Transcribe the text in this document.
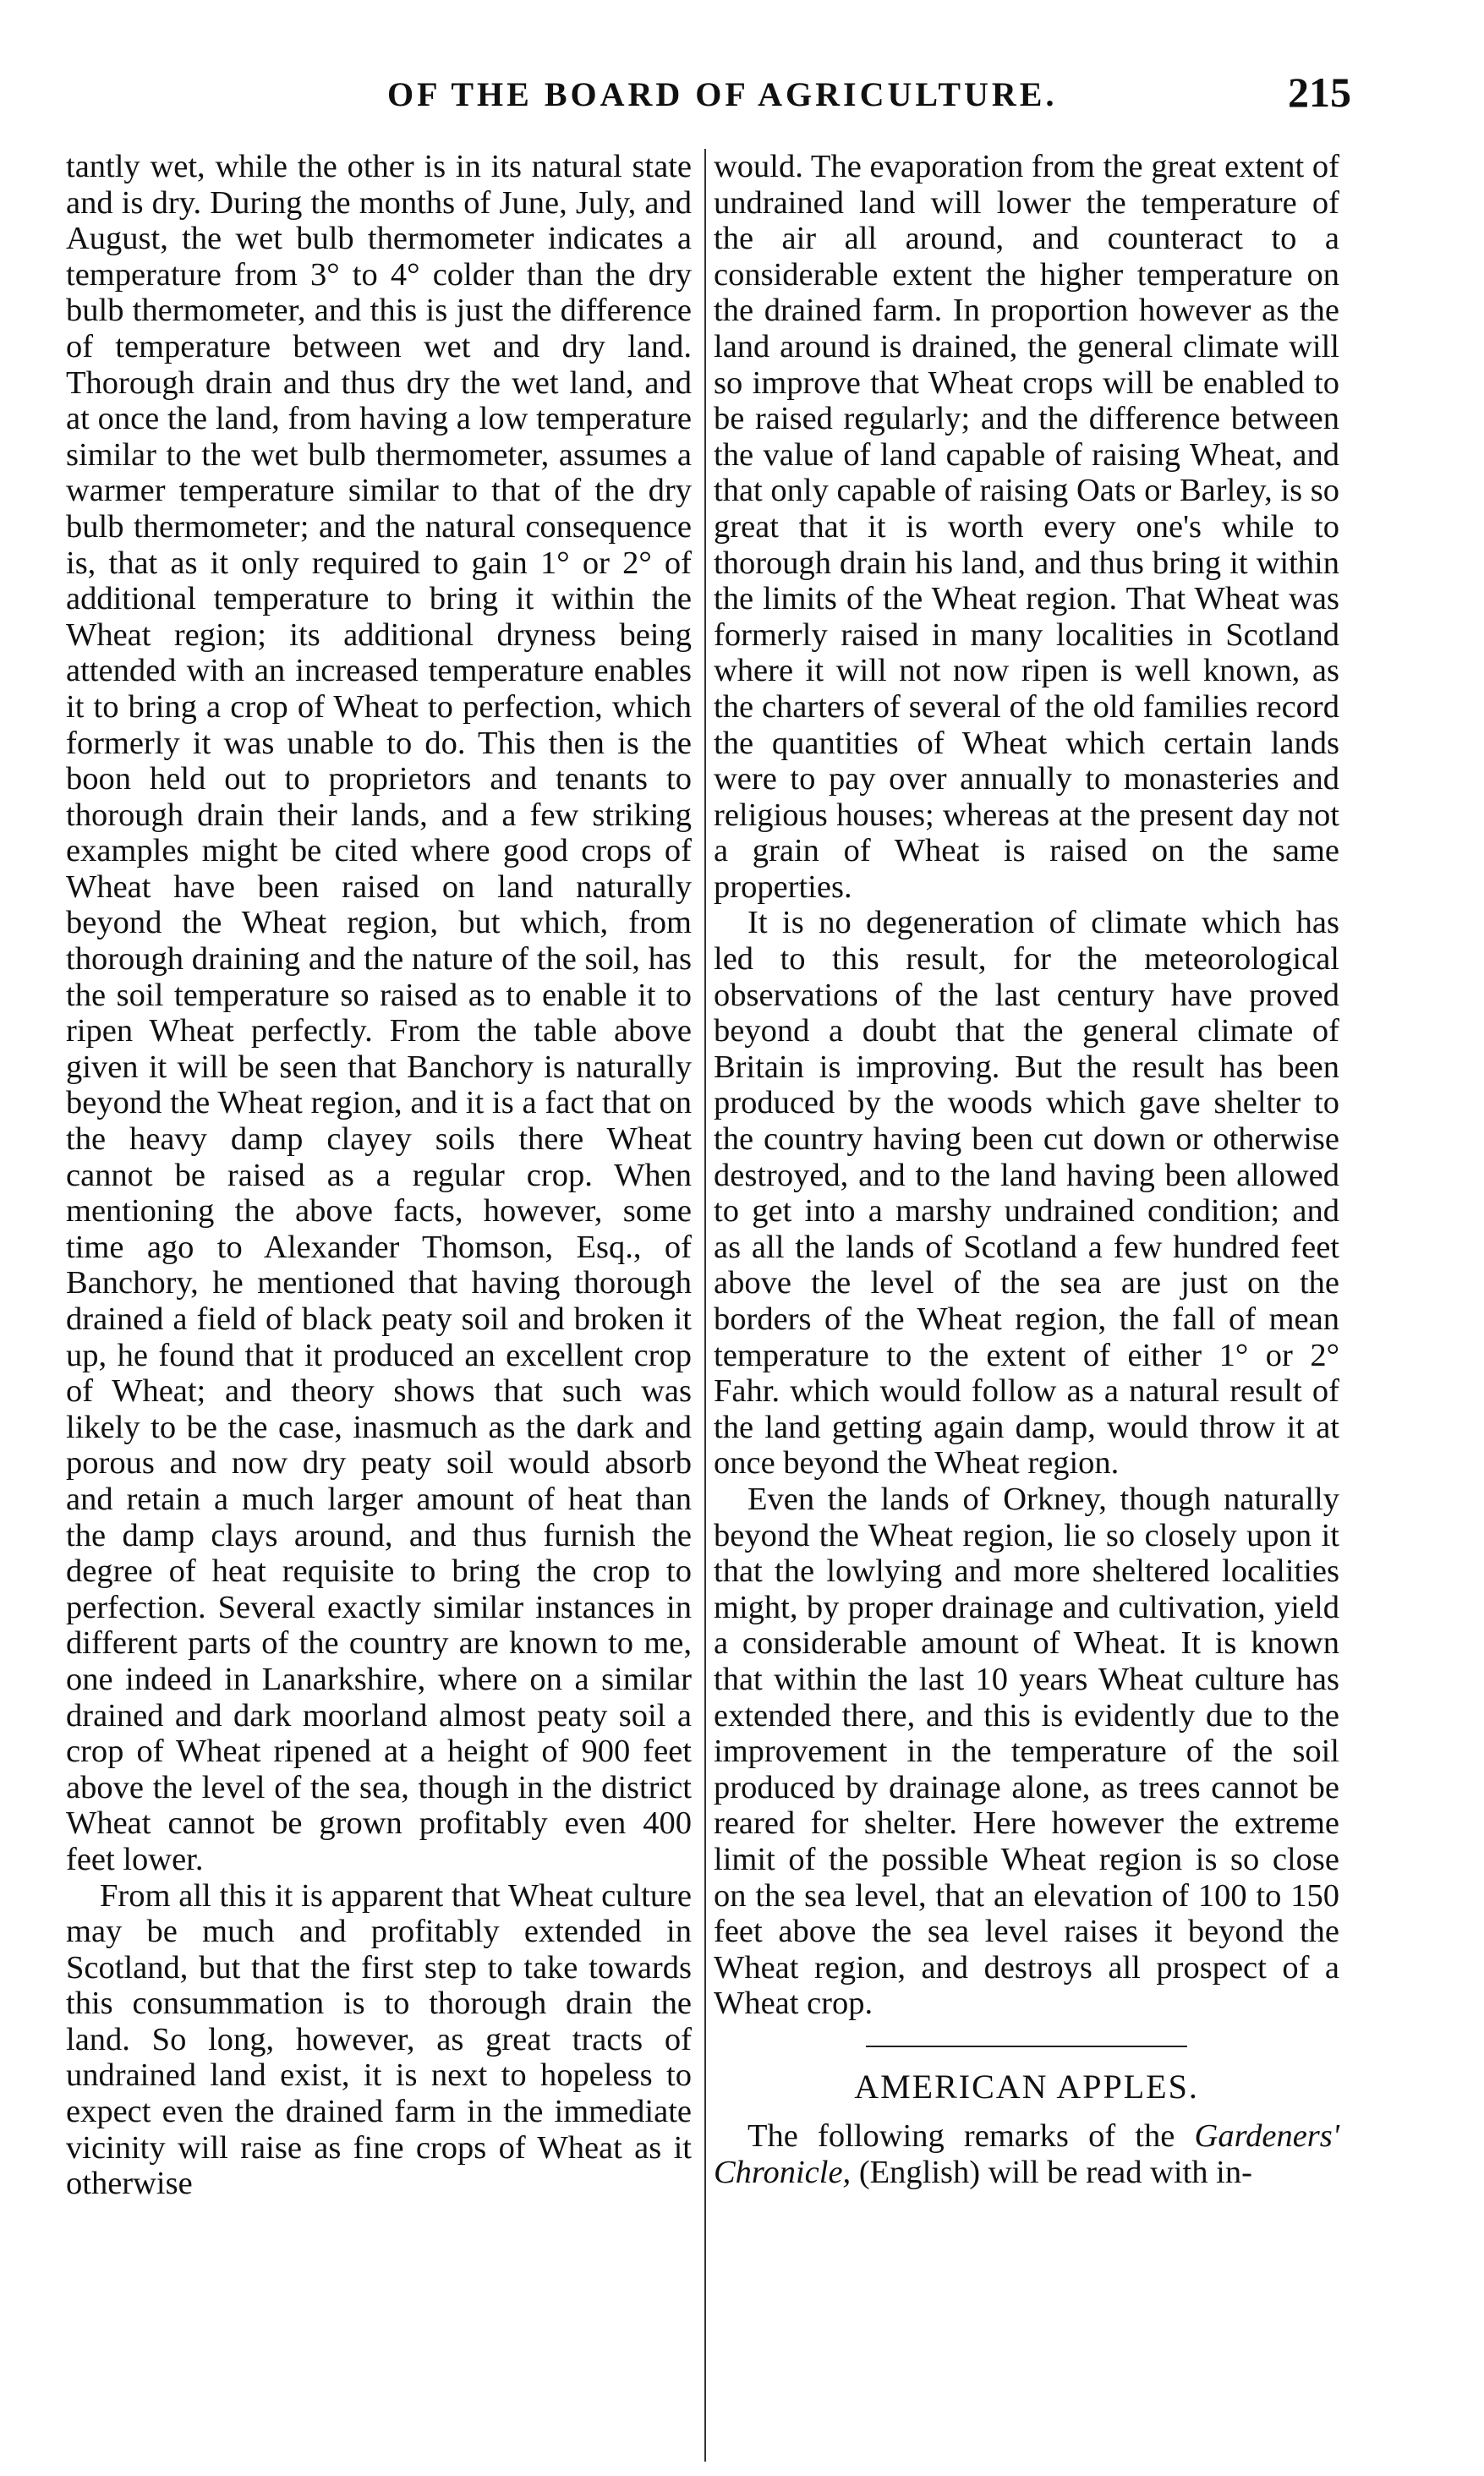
OF THE BOARD OF AGRICULTURE.	215

tantly wet, while the other is in its natural state and is dry. During the months of June, July, and August, the wet bulb thermometer indicates a temperature from 3° to 4° colder than the dry bulb thermometer, and this is just the difference of temperature between wet and dry land. Thorough drain and thus dry the wet land, and at once the land, from having a low temperature similar to the wet bulb thermometer, assumes a warmer temperature similar to that of the dry bulb thermometer; and the natural consequence is, that as it only required to gain 1° or 2° of additional temperature to bring it within the Wheat region; its additional dryness being attended with an increased temperature enables it to bring a crop of Wheat to perfection, which formerly it was unable to do. This then is the boon held out to proprietors and tenants to thorough drain their lands, and a few striking examples might be cited where good crops of Wheat have been raised on land naturally beyond the Wheat region, but which, from thorough draining and the nature of the soil, has the soil temperature so raised as to enable it to ripen Wheat perfectly. From the table above given it will be seen that Banchory is naturally beyond the Wheat region, and it is a fact that on the heavy damp clayey soils there Wheat cannot be raised as a regular crop. When mentioning the above facts, however, some time ago to Alexander Thomson, Esq., of Banchory, he mentioned that having thorough drained a field of black peaty soil and broken it up, he found that it produced an excellent crop of Wheat; and theory shows that such was likely to be the case, inasmuch as the dark and porous and now dry peaty soil would absorb and retain a much larger amount of heat than the damp clays around, and thus furnish the degree of heat requisite to bring the crop to perfection. Several exactly similar instances in different parts of the country are known to me, one indeed in Lanarkshire, where on a similar drained and dark moorland almost peaty soil a crop of Wheat ripened at a height of 900 feet above the level of the sea, though in the district Wheat cannot be grown profitably even 400 feet lower.

From all this it is apparent that Wheat culture may be much and profitably extended in Scotland, but that the first step to take towards this consummation is to thorough drain the land. So long, however, as great tracts of undrained land exist, it is next to hopeless to expect even the drained farm in the immediate vicinity will raise as fine crops of Wheat as it otherwise

would. The evaporation from the great extent of undrained land will lower the temperature of the air all around, and counteract to a considerable extent the higher temperature on the drained farm. In proportion however as the land around is drained, the general climate will so improve that Wheat crops will be enabled to be raised regularly; and the difference between the value of land capable of raising Wheat, and that only capable of raising Oats or Barley, is so great that it is worth every one's while to thorough drain his land, and thus bring it within the limits of the Wheat region. That Wheat was formerly raised in many localities in Scotland where it will not now ripen is well known, as the charters of several of the old families record the quantities of Wheat which certain lands were to pay over annually to monasteries and religious houses; whereas at the present day not a grain of Wheat is raised on the same properties.

It is no degeneration of climate which has led to this result, for the meteorological observations of the last century have proved beyond a doubt that the general climate of Britain is improving. But the result has been produced by the woods which gave shelter to the country having been cut down or otherwise destroyed, and to the land having been allowed to get into a marshy undrained condition; and as all the lands of Scotland a few hundred feet above the level of the sea are just on the borders of the Wheat region, the fall of mean temperature to the extent of either 1° or 2° Fahr. which would follow as a natural result of the land getting again damp, would throw it at once beyond the Wheat region.

Even the lands of Orkney, though naturally beyond the Wheat region, lie so closely upon it that the lowlying and more sheltered localities might, by proper drainage and cultivation, yield a considerable amount of Wheat. It is known that within the last 10 years Wheat culture has extended there, and this is evidently due to the improvement in the temperature of the soil produced by drainage alone, as trees cannot be reared for shelter. Here however the extreme limit of the possible Wheat region is so close on the sea level, that an elevation of 100 to 150 feet above the sea level raises it beyond the Wheat region, and destroys all prospect of a Wheat crop.

AMERICAN APPLES.

The following remarks of the Gardeners' Chronicle, (English) will be read with in-
